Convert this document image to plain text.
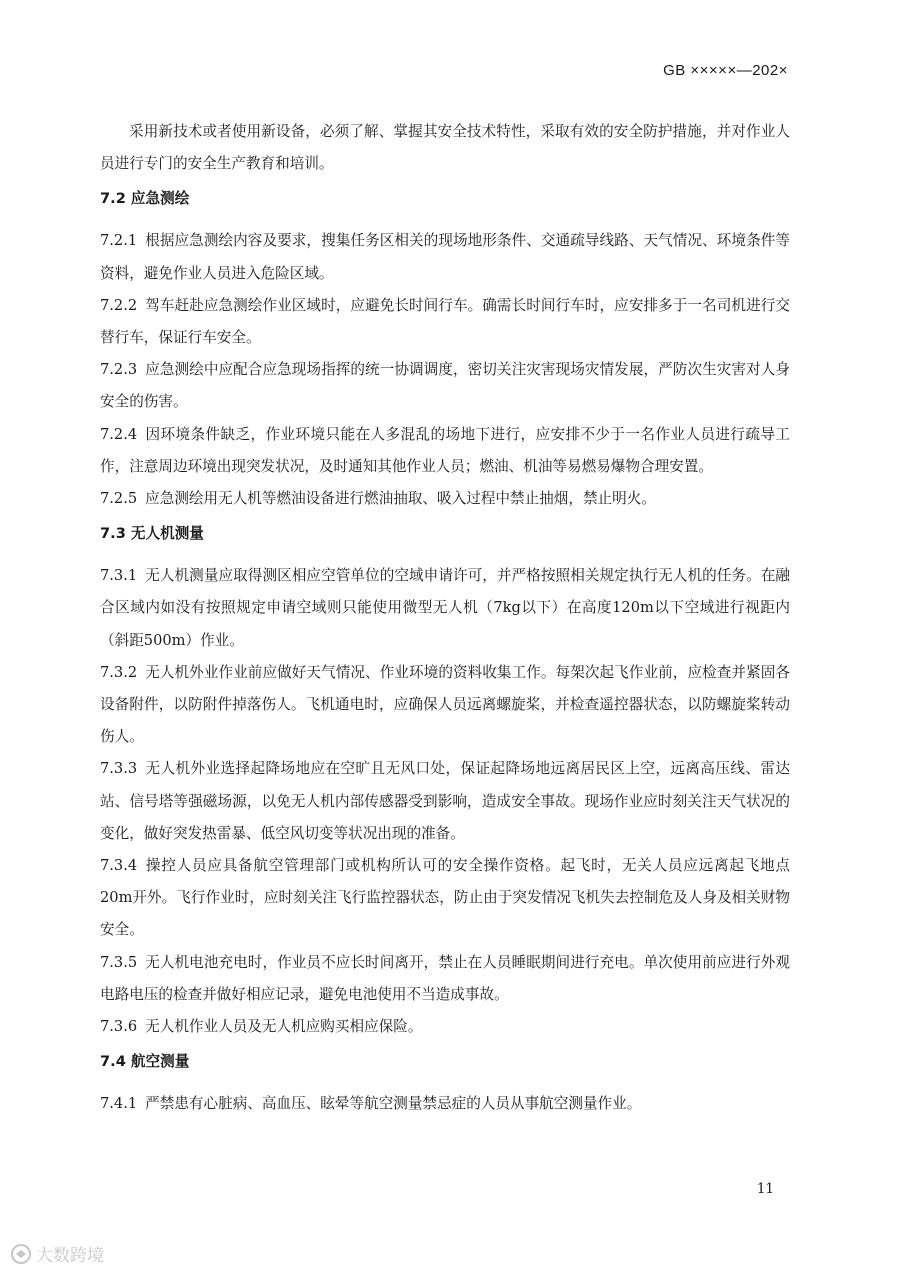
GB ×××××—202×

采用新技术或者使用新设备，必须了解、掌握其安全技术特性，采取有效的安全防护措施，并对作业人员进行专门的安全生产教育和培训。

7.2 应急测绘

7.2.1 根据应急测绘内容及要求，搜集任务区相关的现场地形条件、交通疏导线路、天气情况、环境条件等资料，避免作业人员进入危险区域。

7.2.2 驾车赶赴应急测绘作业区域时，应避免长时间行车。确需长时间行车时，应安排多于一名司机进行交替行车，保证行车安全。

7.2.3 应急测绘中应配合应急现场指挥的统一协调调度，密切关注灾害现场灾情发展，严防次生灾害对人身安全的伤害。

7.2.4 因环境条件缺乏，作业环境只能在人多混乱的场地下进行，应安排不少于一名作业人员进行疏导工作，注意周边环境出现突发状况，及时通知其他作业人员；燃油、机油等易燃易爆物合理安置。

7.2.5 应急测绘用无人机等燃油设备进行燃油抽取、吸入过程中禁止抽烟，禁止明火。

7.3 无人机测量

7.3.1 无人机测量应取得测区相应空管单位的空域申请许可，并严格按照相关规定执行无人机的任务。在融合区域内如没有按照规定申请空域则只能使用微型无人机（7kg以下）在高度120m以下空域进行视距内（斜距500m）作业。

7.3.2 无人机外业作业前应做好天气情况、作业环境的资料收集工作。每架次起飞作业前，应检查并紧固各设备附件，以防附件掉落伤人。飞机通电时，应确保人员远离螺旋桨，并检查遥控器状态，以防螺旋桨转动伤人。

7.3.3 无人机外业选择起降场地应在空旷且无风口处，保证起降场地远离居民区上空，远离高压线、雷达站、信号塔等强磁场源，以免无人机内部传感器受到影响，造成安全事故。现场作业应时刻关注天气状况的变化，做好突发热雷暴、低空风切变等状况出现的准备。

7.3.4 操控人员应具备航空管理部门或机构所认可的安全操作资格。起飞时，无关人员应远离起飞地点20m开外。飞行作业时，应时刻关注飞行监控器状态，防止由于突发情况飞机失去控制危及人身及相关财物安全。

7.3.5 无人机电池充电时，作业员不应长时间离开，禁止在人员睡眠期间进行充电。单次使用前应进行外观电路电压的检查并做好相应记录，避免电池使用不当造成事故。

7.3.6 无人机作业人员及无人机应购买相应保险。

7.4 航空测量

7.4.1 严禁患有心脏病、高血压、眩晕等航空测量禁忌症的人员从事航空测量作业。

11
大数跨境
